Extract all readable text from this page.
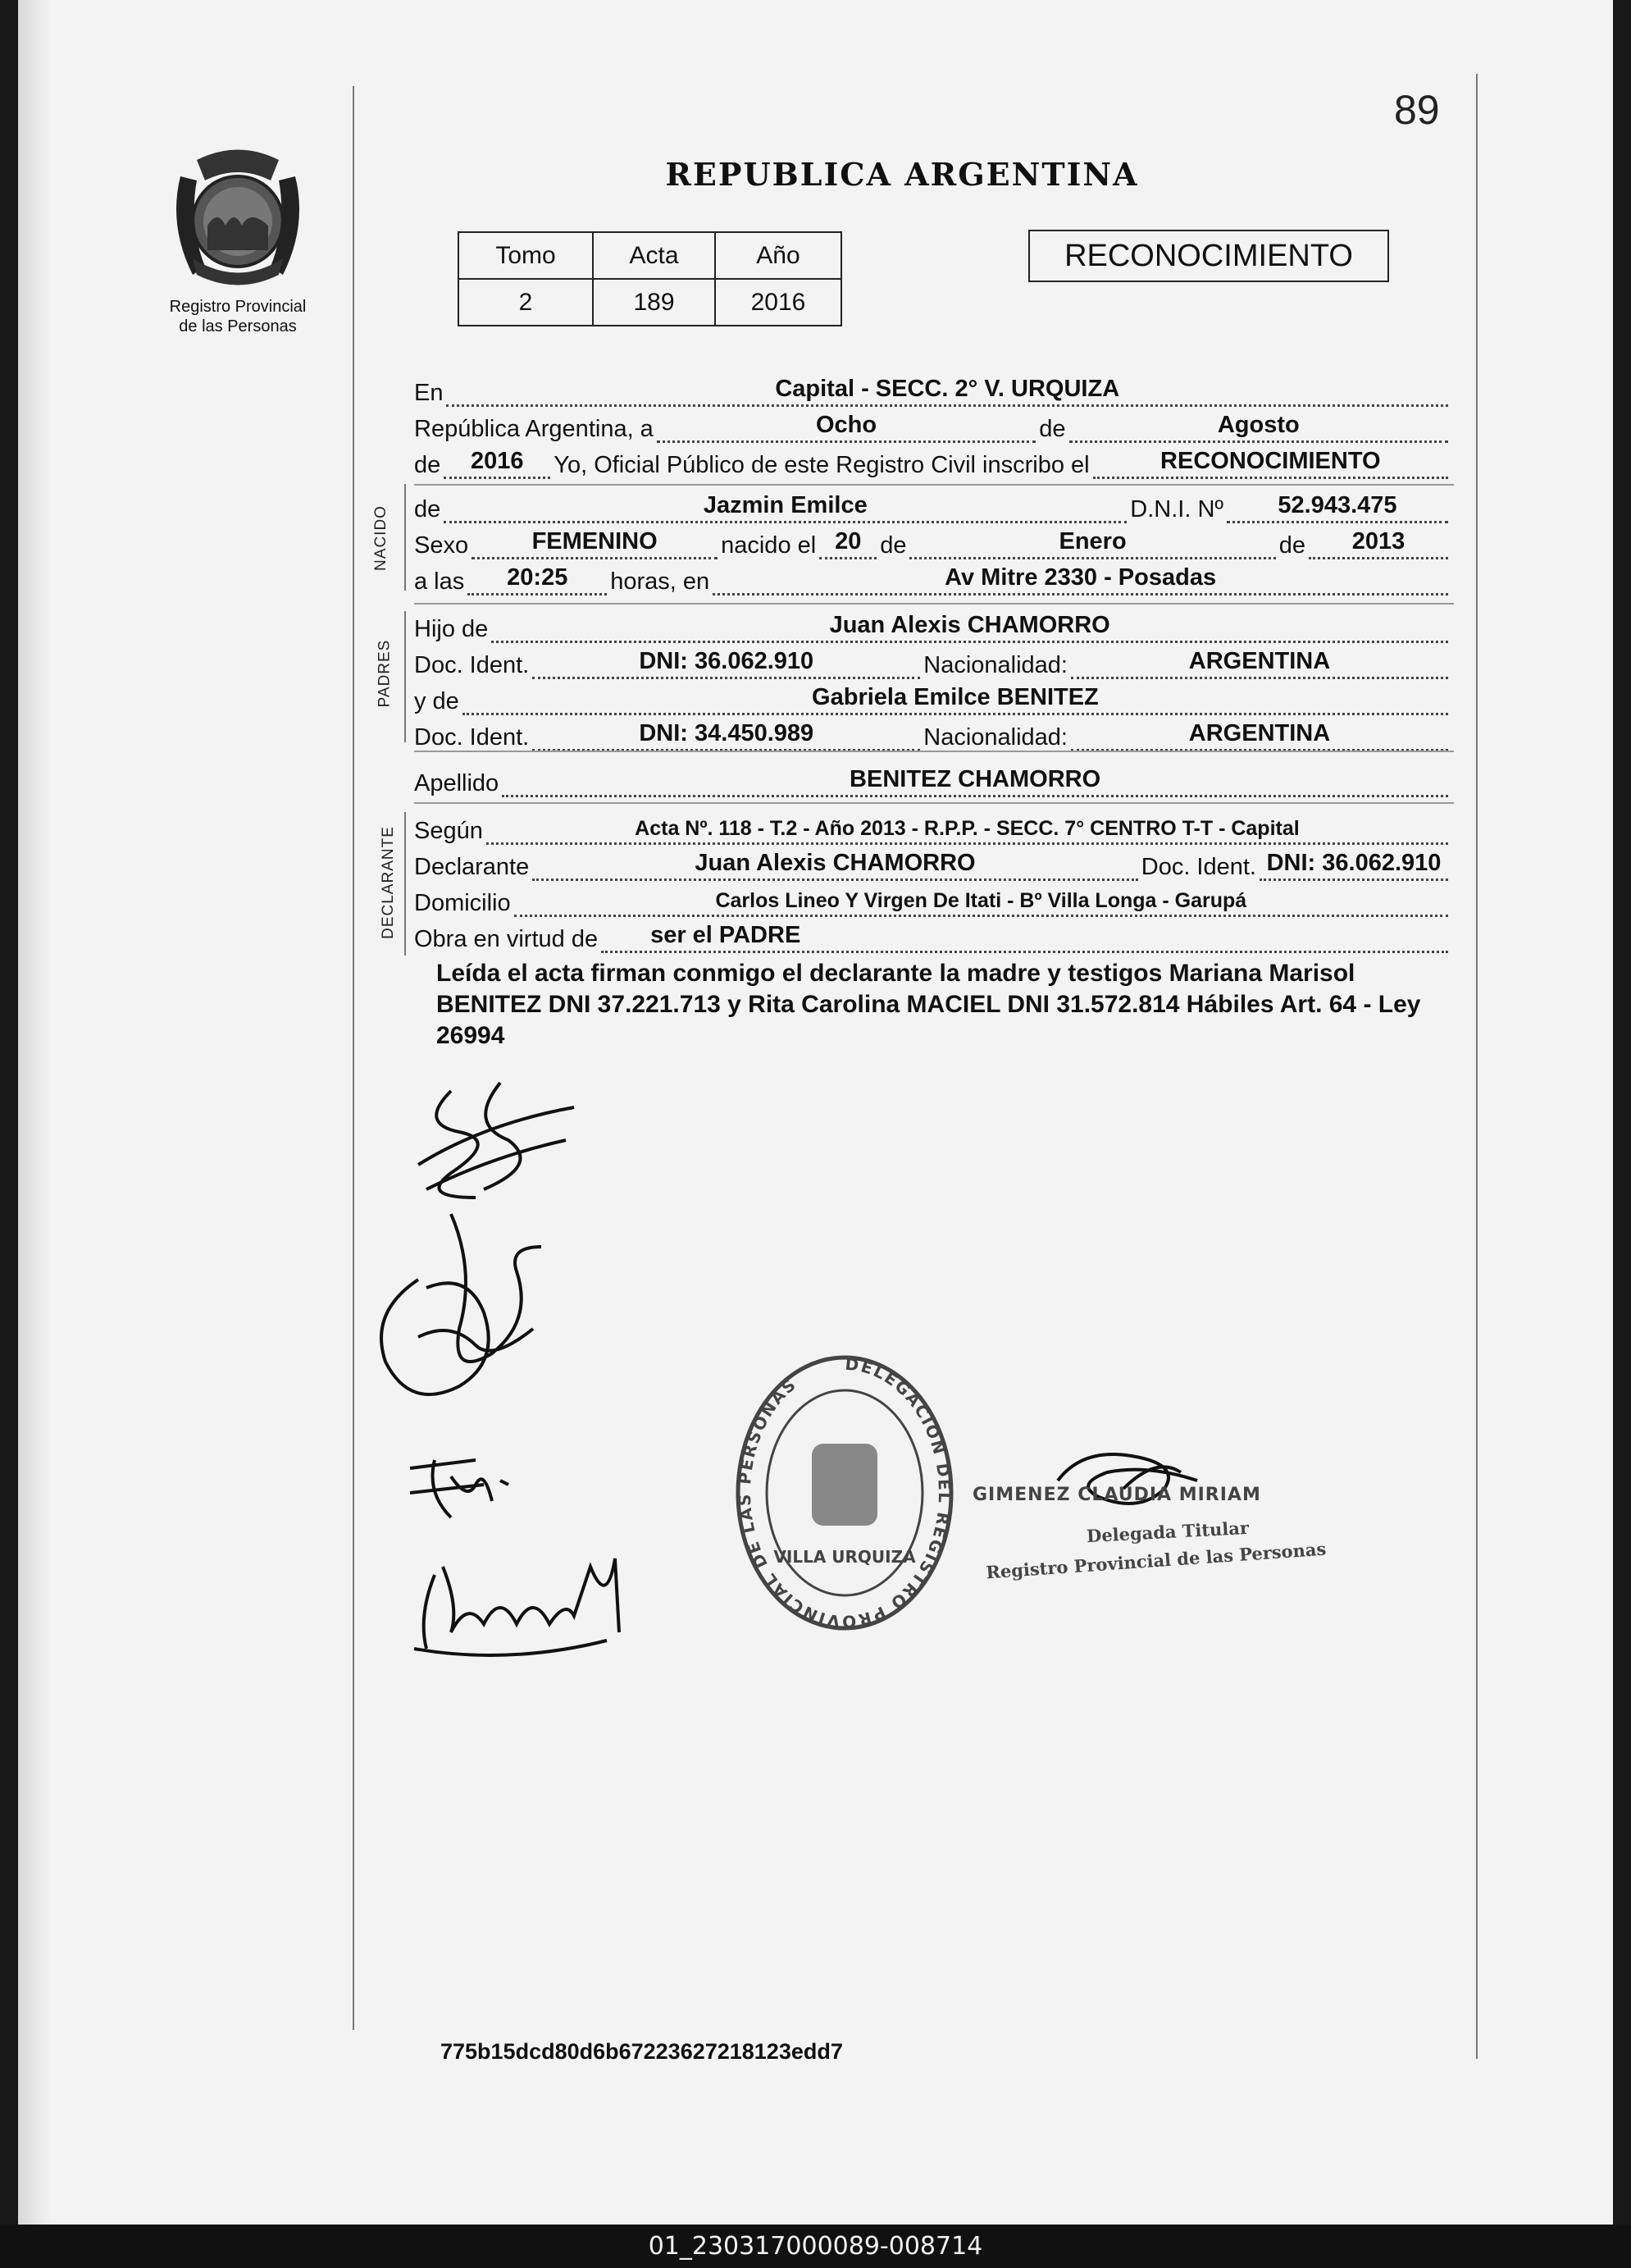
89
Registro Provincial
de las Personas
REPUBLICA ARGENTINA
Tomo	Acta	Año
2	189	2016
RECONOCIMIENTO
NACIDO
PADRES
DECLARANTE
En	Capital - SECC. 2° V. URQUIZA
República Argentina, a	Ocho	de	Agosto
de	2016	Yo, Oficial Público de este Registro Civil inscribo el	RECONOCIMIENTO
de	Jazmin Emilce	D.N.I. Nº	52.943.475
Sexo	FEMENINO	nacido el 20 de	Enero	de	2013
a las	20:25	horas, en	Av Mitre 2330 - Posadas
Hijo de	Juan Alexis CHAMORRO
Doc. Ident.	DNI: 36.062.910	Nacionalidad:	ARGENTINA
y de	Gabriela Emilce BENITEZ
Doc. Ident.	DNI: 34.450.989	Nacionalidad:	ARGENTINA
Apellido	BENITEZ CHAMORRO
Según	Acta Nº. 118 - T.2 - Año 2013 - R.P.P. - SECC. 7° CENTRO T-T - Capital
Declarante	Juan Alexis CHAMORRO	Doc. Ident. DNI: 36.062.910
Domicilio	Carlos Lineo Y Virgen De Itati - Bº Villa Longa - Garupá
Obra en virtud de ser el PADRE
Leída el acta firman conmigo el declarante la madre y testigos Mariana Marisol BENITEZ DNI 37.221.713 y Rita Carolina MACIEL DNI 31.572.814 Hábiles Art. 64 - Ley 26994
DELEGACION DEL REGISTRO PROVINCIAL DE LAS PERSONAS
VILLA URQUIZA
GIMENEZ CLAUDIA MIRIAM
Delegada Titular
Registro Provincial de las Personas
775b15dcd80d6b67223627218123edd7
01_230317000089-008714
